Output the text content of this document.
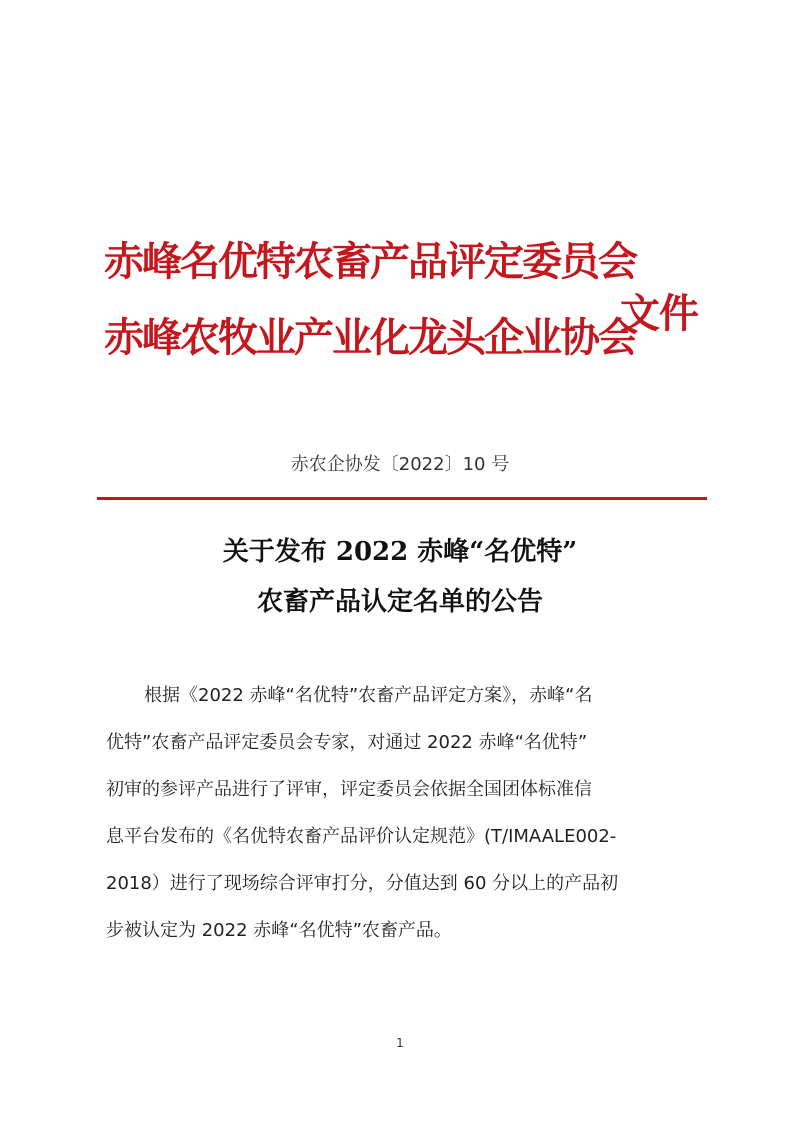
赤峰名优特农畜产品评定委员会
赤峰农牧业产业化龙头企业协会
文件
赤农企协发〔2022〕10 号
关于发布 2022 赤峰“名优特”
农畜产品认定名单的公告
根据《2022 赤峰“名优特”农畜产品评定方案》，赤峰“名
优特”农畜产品评定委员会专家，对通过 2022 赤峰“名优特”
初审的参评产品进行了评审，评定委员会依据全国团体标准信
息平台发布的《名优特农畜产品评价认定规范》(T/IMAALE002-
2018）进行了现场综合评审打分，分值达到 60 分以上的产品初
步被认定为 2022 赤峰“名优特”农畜产品。
1
